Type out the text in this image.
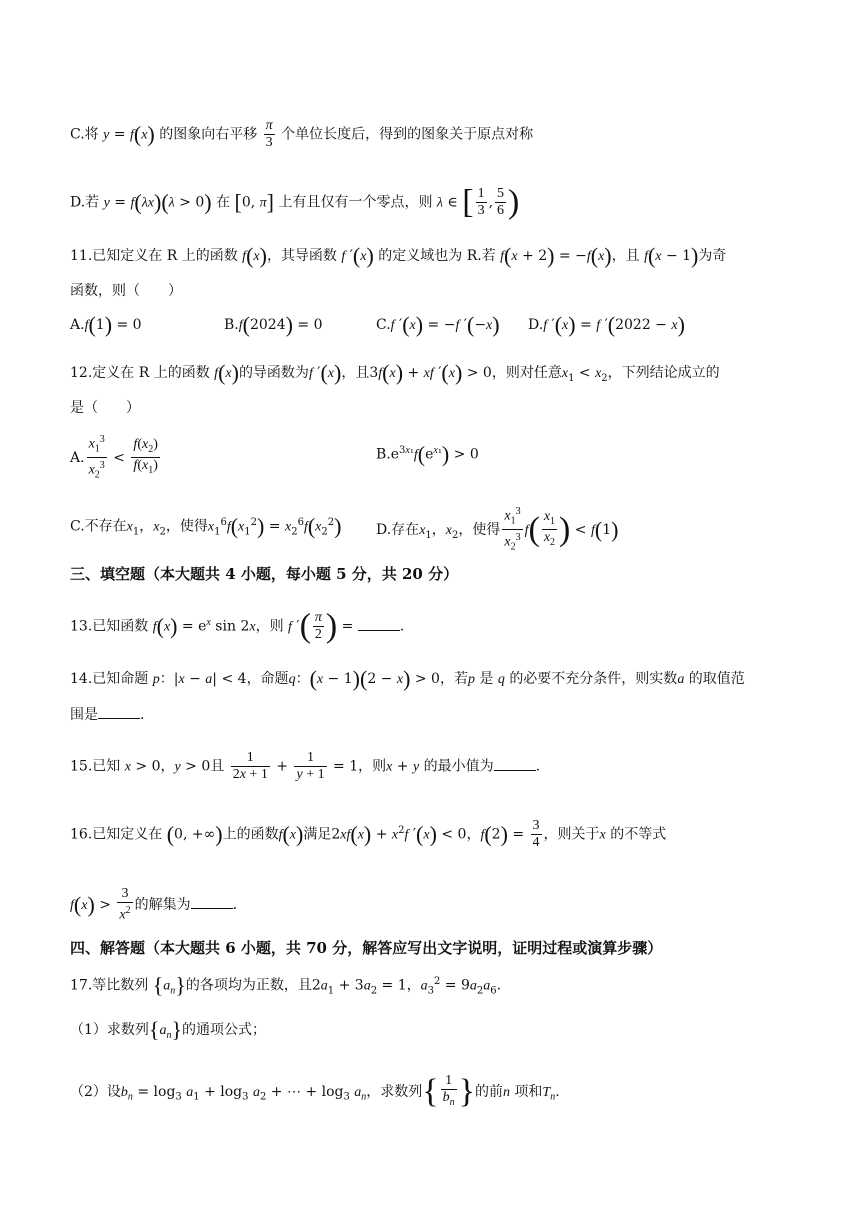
C.将 y = f(x) 的图象向右平移 $\frac{\pi}{3}$ 个单位长度后，得到的图象关于原点对称
D.若 y = f(λx)(λ > 0) 在 [0, π] 上有且仅有一个零点，则 λ ∈ [ $\frac{1}{3}$ , $\frac{5}{6}$ )
11.已知定义在 R 上的函数 f(x)，其导函数 f ′(x) 的定义域也为 R.若 f(x + 2) = −f(x)，且 f(x − 1)为奇
函数，则（　　）
A.f(1) = 0	B.f(2024) = 0	C.f ′(x) = −f ′(−x) D.f ′(x) = f ′(2022 − x)
12.定义在 R 上的函数 f(x)的导函数为f ′(x)，且3f(x) + xf ′(x) > 0，则对任意$x_1 < x_2$，下列结论成立的
是（　　）
A. $\frac{x_1^3}{x_2^3} < \frac{f(x_2)}{f(x_1)}$	$B.e^{3x_1}f(e^{x_1}) > 0$
C.不存在$x_1$，$x_2$，使得$x_1^6f(x_1^2) = x_2^6f(x_2^2)$ D.存在$x_1$，$x_2$，使得 $\frac{x_1^3}{x_2^3} f( \frac{x_1}{x_2}$ ) < f(1)
三、填空题（本大题共 4 小题，每小题 5 分，共 20 分）
13.已知函数 $f(x) = e^x$ sin 2x，则 f ′( $\frac{\pi}{2}$ ) =	.
14.已知命题 p：|x − a| < 4，命题q：(x − 1)(2 − x) > 0，若p 是 q 的必要不充分条件，则实数a 的取值范
围是	.
15.已知 x > 0，y > 0且 $\frac{1}{2x + 1} + \frac{1}{y + 1} = 1$，则x + y 的最小值为	.
16.已知定义在 (0, +∞)上的函数f(x)满足$2xf(x) + x^2f$ ′(x) < 0，$f(2) = \frac{3}{4}$ ，则关于x 的不等式
$f(x) > \frac{3}{x^2}$ 的解集为	.
四、解答题（本大题共 6 小题，共 70 分，解答应写出文字说明，证明过程或演算步骤）
17.等比数列 $\{a_n\}$的各项均为正数，且$2a_1 + 3a_2 = 1$，$a_3^2 = 9a_2a_6$.
（1）求数列$\{a_n\}$的通项公式；
（2）设$b_n = \log_3 a_1 + \log_3 a_2$ + ⋯ + $\log_3 a_n$，求数列{ $\frac{1}{b_n}$ }的前n 项和$T_n$.
